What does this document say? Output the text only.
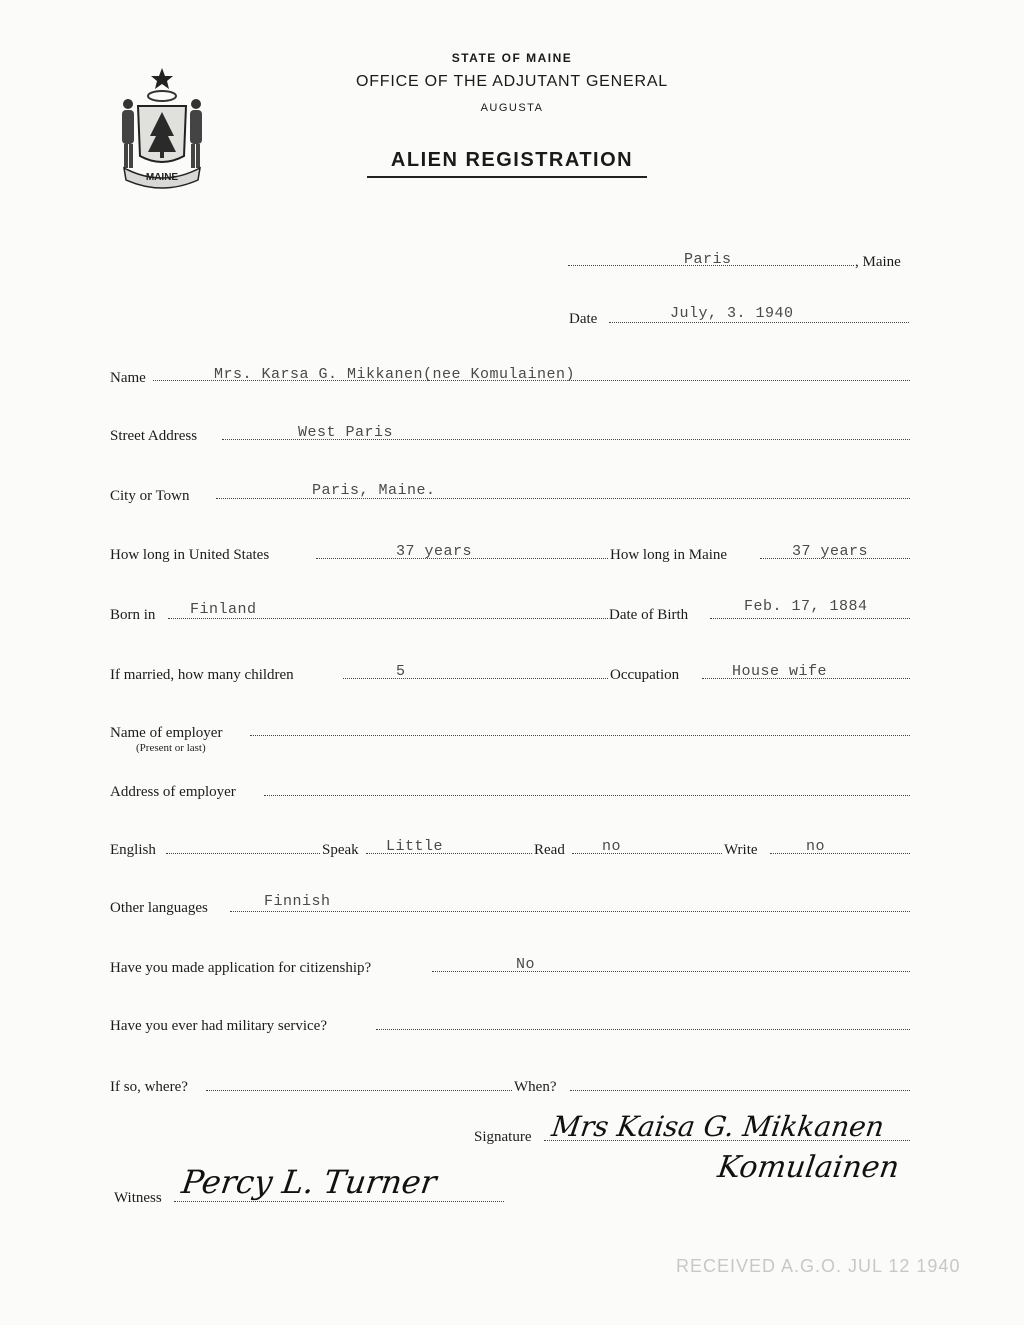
STATE OF MAINE
OFFICE OF THE ADJUTANT GENERAL
AUGUSTA
ALIEN REGISTRATION
MAINE
Paris	, Maine
Date	July, 3. 1940
Name	Mrs. Karsa G. Mikkanen(nee Komulainen)
Street Address	West Paris
City or Town	Paris, Maine.
How long in United States	37 years	How long in Maine	37 years
Born in Finland	Date of Birth	Feb. 17, 1884
If married, how many children	5	Occupation	House wife
Name of employer
(Present or last)
Address of employer
English	Speak Little	Read no	Write	no
Other languages	Finnish
Have you made application for citizenship?	No
Have you ever had military service?
If so, where?	When?
Signature Mrs Kaisa G. Mikkanen
Komulainen
Witness Percy L. Turner
RECEIVED A.G.O. JUL 12 1940
